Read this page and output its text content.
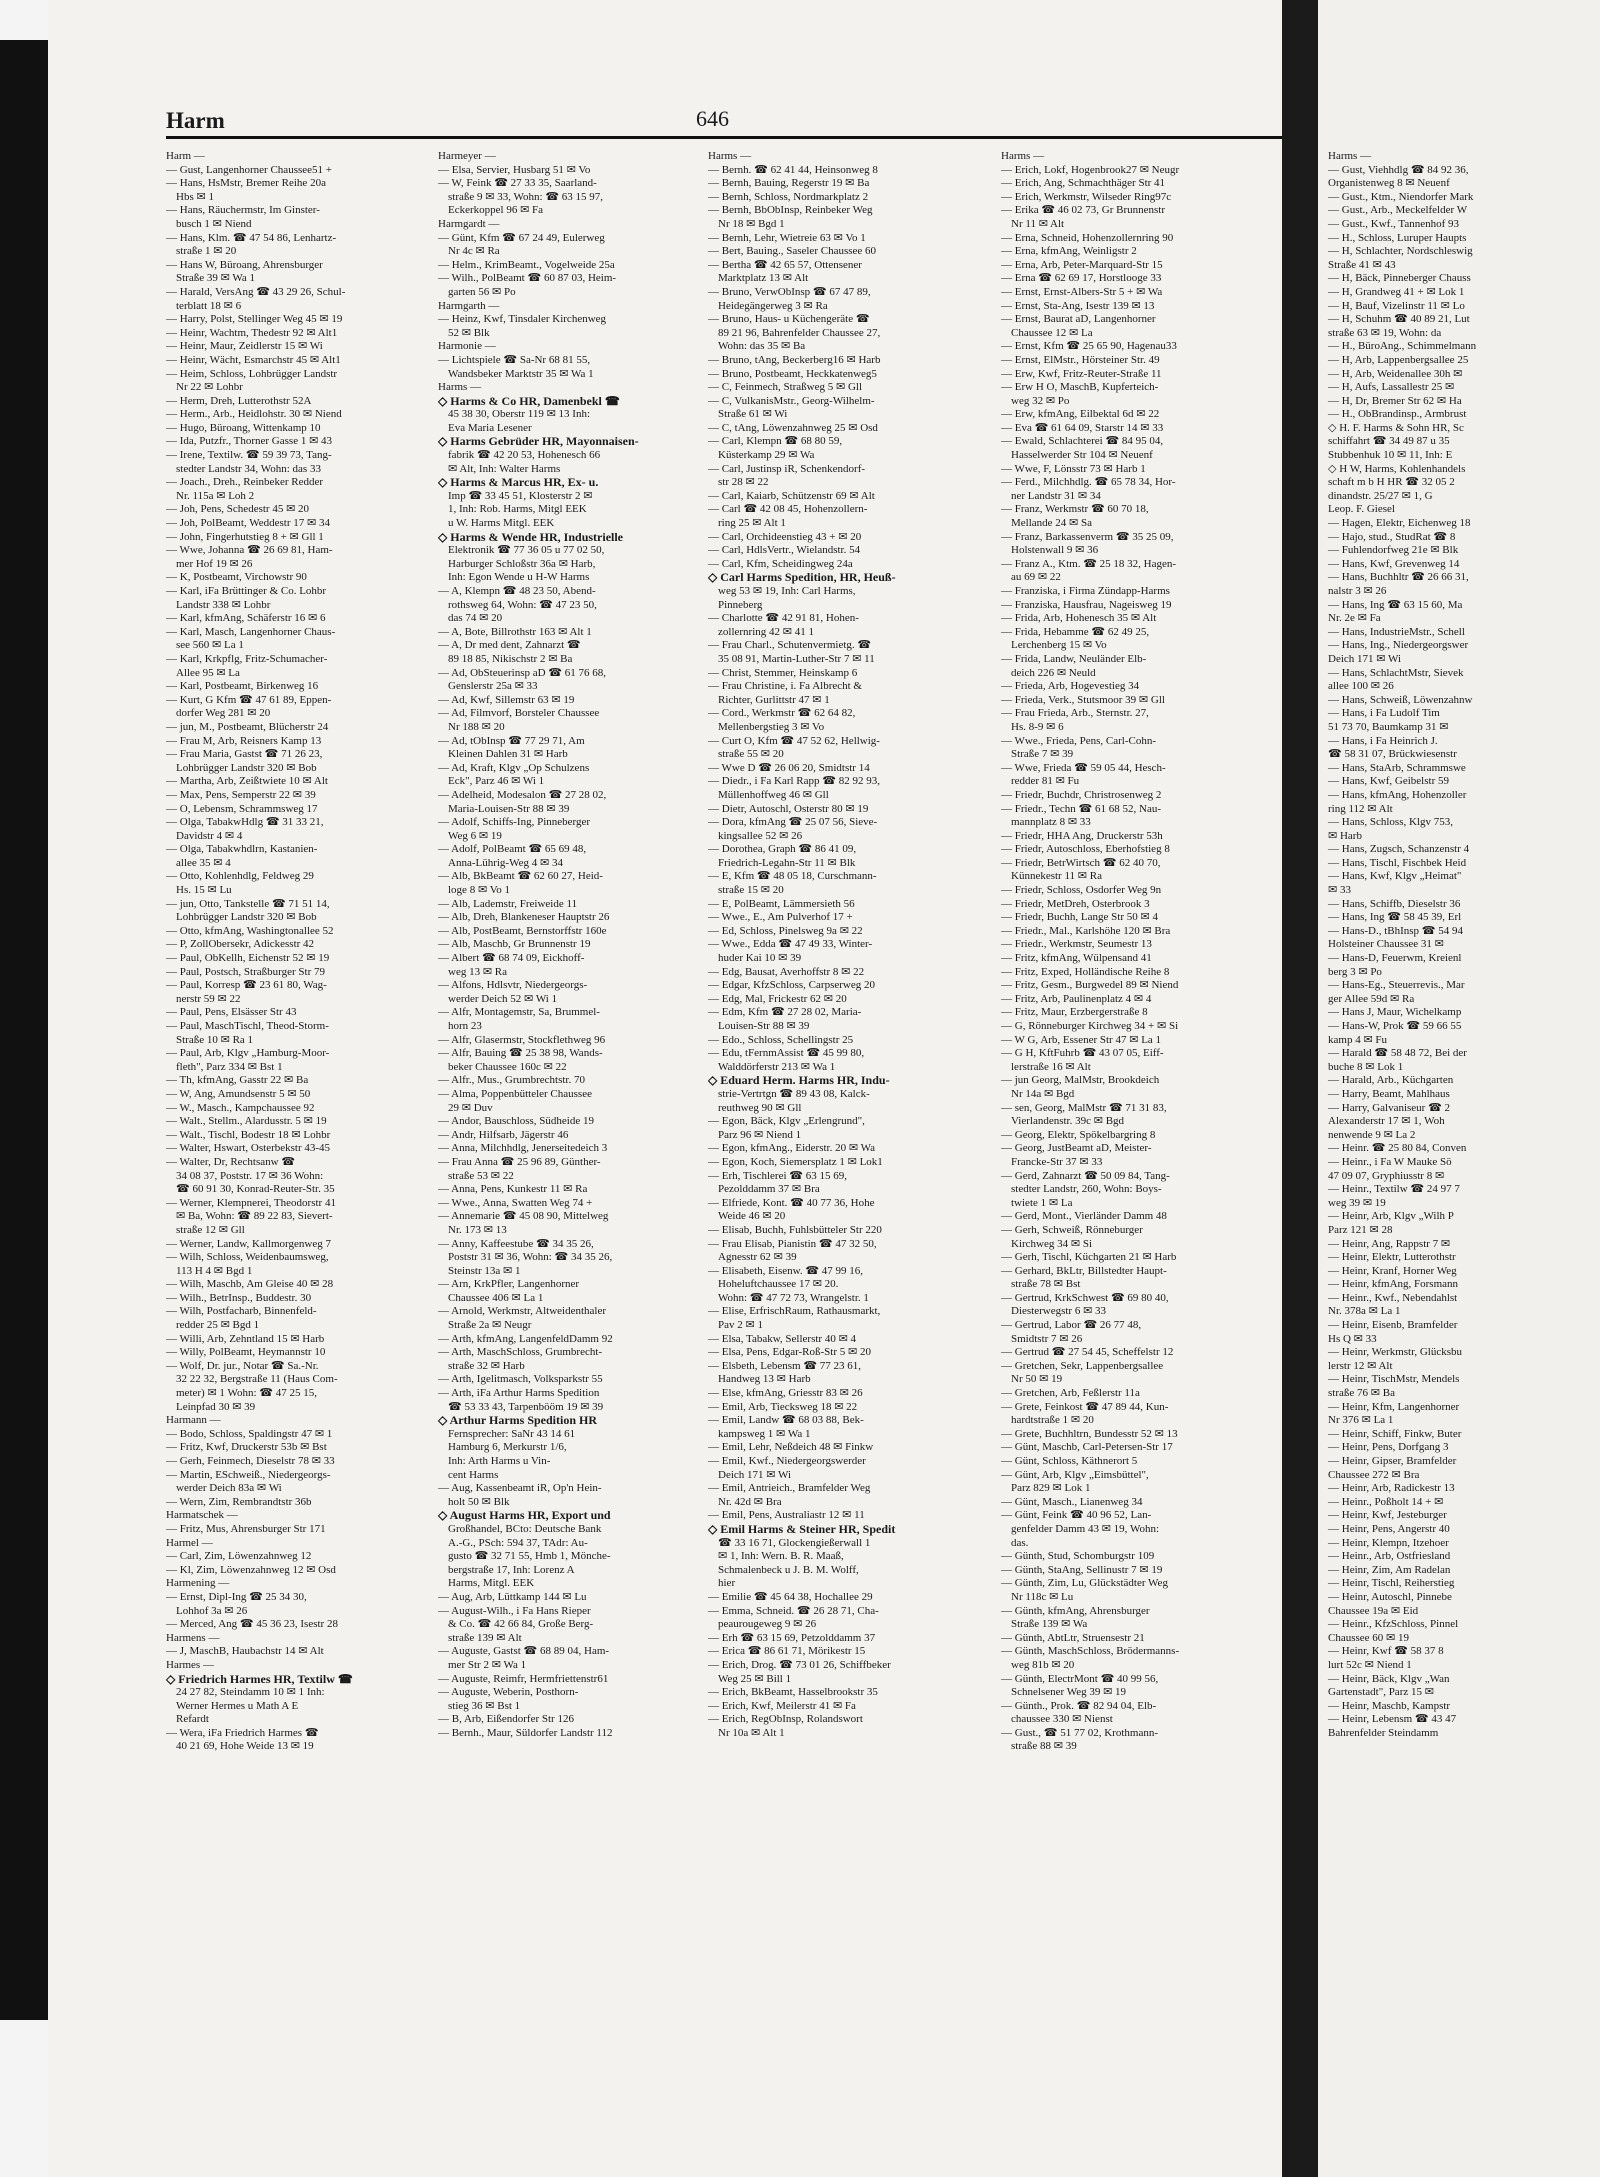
Harm	646
Harm —
— Gust, Langenhorner Chaussee51 +
— Hans, HsMstr, Bremer Reihe 20a
Hbs ✉ 1
— Hans, Räuchermstr, Im Ginster-
busch 1 ✉ Niend
— Hans, Klm. ☎ 47 54 86, Lenhartz-
straße 1 ✉ 20
— Hans W, Büroang, Ahrensburger
Straße 39 ✉ Wa 1
— Harald, VersAng ☎ 43 29 26, Schul-
terblatt 18 ✉ 6
— Harry, Polst, Stellinger Weg 45 ✉ 19
— Heinr, Wachtm, Thedestr 92 ✉ Alt1
— Heinr, Maur, Zeidlerstr 15 ✉ Wi
— Heinr, Wächt, Esmarchstr 45 ✉ Alt1
— Heim, Schloss, Lohbrügger Landstr
Nr 22 ✉ Lohbr
— Herm, Dreh, Lutterothstr 52A
— Herm., Arb., Heidlohstr. 30 ✉ Niend
— Hugo, Büroang, Wittenkamp 10
— Ida, Putzfr., Thorner Gasse 1 ✉ 43
— Irene, Textilw. ☎ 59 39 73, Tang-
stedter Landstr 34, Wohn: das 33
— Joach., Dreh., Reinbeker Redder
Nr. 115a ✉ Loh 2
— Joh, Pens, Schedestr 45 ✉ 20
— Joh, PolBeamt, Weddestr 17 ✉ 34
— John, Fingerhutstieg 8 + ✉ Gll 1
— Wwe, Johanna ☎ 26 69 81, Ham-
mer Hof 19 ✉ 26
— K, Postbeamt, Virchowstr 90
— Karl, iFa Brüttinger & Co. Lohbr
Landstr 338 ✉ Lohbr
— Karl, kfmAng, Schäferstr 16 ✉ 6
— Karl, Masch, Langenhorner Chaus-
see 560 ✉ La 1
— Karl, Krkpflg, Fritz-Schumacher-
Allee 95 ✉ La
— Karl, Postbeamt, Birkenweg 16
— Kurt, G Kfm ☎ 47 61 89, Eppen-
dorfer Weg 281 ✉ 20
— jun, M., Postbeamt, Blücherstr 24
— Frau M, Arb, Reisners Kamp 13
— Frau Maria, Gastst ☎ 71 26 23,
Lohbrügger Landstr 320 ✉ Bob
— Martha, Arb, Zeißtwiete 10 ✉ Alt
— Max, Pens, Semperstr 22 ✉ 39
— O, Lebensm, Schrammsweg 17
— Olga, TabakwHdlg ☎ 31 33 21,
Davidstr 4 ✉ 4
— Olga, Tabakwhdlrn, Kastanien-
allee 35 ✉ 4
— Otto, Kohlenhdlg, Feldweg 29
Hs. 15 ✉ Lu
— jun, Otto, Tankstelle ☎ 71 51 14,
Lohbrügger Landstr 320 ✉ Bob
— Otto, kfmAng, Washingtonallee 52
— P, ZollObersekr, Adickesstr 42
— Paul, ObKellh, Eichenstr 52 ✉ 19
— Paul, Postsch, Straßburger Str 79
— Paul, Korresp ☎ 23 61 80, Wag-
nerstr 59 ✉ 22
— Paul, Pens, Elsässer Str 43
— Paul, MaschTischl, Theod-Storm-
Straße 10 ✉ Ra 1
— Paul, Arb, Klgv „Hamburg-Moor-
fleth", Parz 334 ✉ Bst 1
— Th, kfmAng, Gasstr 22 ✉ Ba
— W, Ang, Amundsenstr 5 ✉ 50
— W., Masch., Kampchaussee 92
— Walt., Stellm., Alardusstr. 5 ✉ 19
— Walt., Tischl, Bodestr 18 ✉ Lohbr
— Walter, Hswart, Osterbekstr 43-45
— Walter, Dr, Rechtsanw ☎
34 08 37, Poststr. 17 ✉ 36 Wohn:
☎ 60 91 30, Konrad-Reuter-Str. 35
— Werner, Klempnerei, Theodorstr 41
✉ Ba, Wohn: ☎ 89 22 83, Sievert-
straße 12 ✉ Gll
— Werner, Landw, Kallmorgenweg 7
— Wilh, Schloss, Weidenbaumsweg,
113 H 4 ✉ Bgd 1
— Wilh, Maschb, Am Gleise 40 ✉ 28
— Wilh., BetrInsp., Buddestr. 30
— Wilh, Postfacharb, Binnenfeld-
redder 25 ✉ Bgd 1
— Willi, Arb, Zehntland 15 ✉ Harb
— Willy, PolBeamt, Heymannstr 10
— Wolf, Dr. jur., Notar ☎ Sa.-Nr.
32 22 32, Bergstraße 11 (Haus Com-
meter) ✉ 1 Wohn: ☎ 47 25 15,
Leinpfad 30 ✉ 39
Harmann —
— Bodo, Schloss, Spaldingstr 47 ✉ 1
— Fritz, Kwf, Druckerstr 53b ✉ Bst
— Gerh, Feinmech, Dieselstr 78 ✉ 33
— Martin, ESchweiß., Niedergeorgs-
werder Deich 83a ✉ Wi
— Wern, Zim, Rembrandtstr 36b
Harmatschek —
— Fritz, Mus, Ahrensburger Str 171
Harmel —
— Carl, Zim, Löwenzahnweg 12
— Kl, Zim, Löwenzahnweg 12 ✉ Osd
Harmening —
— Ernst, Dipl-Ing ☎ 25 34 30,
Lohhof 3a ✉ 26
— Merced, Ang ☎ 45 36 23, Isestr 28
Harmens —
— J, MaschB, Haubachstr 14 ✉ Alt
Harmes —
◇ Friedrich Harmes HR, Textilw ☎
24 27 82, Steindamm 10 ✉ 1 Inh:
Werner Hermes u Math A E
Refardt
— Wera, iFa Friedrich Harmes ☎
40 21 69, Hohe Weide 13 ✉ 19
Harmeyer —
— Elsa, Servier, Husbarg 51 ✉ Vo
— W, Feink ☎ 27 33 35, Saarland-
straße 9 ✉ 33, Wohn: ☎ 63 15 97,
Eckerkoppel 96 ✉ Fa
Harmgardt —
— Günt, Kfm ☎ 67 24 49, Eulerweg
Nr 4c ✉ Ra
— Helm., KrimBeamt., Vogelweide 25a
— Wilh., PolBeamt ☎ 60 87 03, Heim-
garten 56 ✉ Po
Harmgarth —
— Heinz, Kwf, Tinsdaler Kirchenweg
52 ✉ Blk
Harmonie —
— Lichtspiele ☎ Sa-Nr 68 81 55,
Wandsbeker Marktstr 35 ✉ Wa 1
Harms —
◇ Harms & Co HR, Damenbekl ☎
45 38 30, Oberstr 119 ✉ 13 Inh:
Eva Maria Lesener
◇ Harms Gebrüder HR, Mayonnaisen-
fabrik ☎ 42 20 53, Hohenesch 66
✉ Alt, Inh: Walter Harms
◇ Harms & Marcus HR, Ex- u.
Imp ☎ 33 45 51, Klosterstr 2 ✉
1, Inh: Rob. Harms, Mitgl EEK
u W. Harms Mitgl. EEK
◇ Harms & Wende HR, Industrielle
Elektronik ☎ 77 36 05 u 77 02 50,
Harburger Schloßstr 36a ✉ Harb,
Inh: Egon Wende u H-W Harms
— A, Klempn ☎ 48 23 50, Abend-
rothsweg 64, Wohn: ☎ 47 23 50,
das 74 ✉ 20
— A, Bote, Billrothstr 163 ✉ Alt 1
— A, Dr med dent, Zahnarzt ☎
89 18 85, Nikischstr 2 ✉ Ba
— Ad, ObSteuerinsp aD ☎ 61 76 68,
Genslerstr 25a ✉ 33
— Ad, Kwf, Sillemstr 63 ✉ 19
— Ad, Filmvorf, Borsteler Chaussee
Nr 188 ✉ 20
— Ad, tObInsp ☎ 77 29 71, Am
Kleinen Dahlen 31 ✉ Harb
— Ad, Kraft, Klgv „Op Schulzens
Eck", Parz 46 ✉ Wi 1
— Adelheid, Modesalon ☎ 27 28 02,
Maria-Louisen-Str 88 ✉ 39
— Adolf, Schiffs-Ing, Pinneberger
Weg 6 ✉ 19
— Adolf, PolBeamt ☎ 65 69 48,
Anna-Lührig-Weg 4 ✉ 34
— Alb, BkBeamt ☎ 62 60 27, Heid-
loge 8 ✉ Vo 1
— Alb, Lademstr, Freiweide 11
— Alb, Dreh, Blankeneser Hauptstr 26
— Alb, PostBeamt, Bernstorffstr 160e
— Alb, Maschb, Gr Brunnenstr 19
— Albert ☎ 68 74 09, Eickhoff-
weg 13 ✉ Ra
— Alfons, Hdlsvtr, Niedergeorgs-
werder Deich 52 ✉ Wi 1
— Alfr, Montagemstr, Sa, Brummel-
horn 23
— Alfr, Glasermstr, Stockflethweg 96
— Alfr, Bauing ☎ 25 38 98, Wands-
beker Chaussee 160c ✉ 22
— Alfr., Mus., Grumbrechtstr. 70
— Alma, Poppenbütteler Chaussee
29 ✉ Duv
— Andor, Bauschloss, Südheide 19
— Andr, Hilfsarb, Jägerstr 46
— Anna, Milchhdlg, Jenerseitedeich 3
— Frau Anna ☎ 25 96 89, Günther-
straße 53 ✉ 22
— Anna, Pens, Kunkestr 11 ✉ Ra
— Wwe., Anna, Swatten Weg 74 +
— Annemarie ☎ 45 08 90, Mittelweg
Nr. 173 ✉ 13
— Anny, Kaffeestube ☎ 34 35 26,
Poststr 31 ✉ 36, Wohn: ☎ 34 35 26,
Steinstr 13a ✉ 1
— Arn, KrkPflег, Langenhorner
Chaussee 406 ✉ La 1
— Arnold, Werkmstr, Altweidenthaler
Straße 2a ✉ Neugr
— Arth, kfmAng, LangenfeldDamm 92
— Arth, MaschSchloss, Grumbrecht-
straße 32 ✉ Harb
— Arth, Igelitmasch, Volksparkstr 55
— Arth, iFa Arthur Harms Spedition
☎ 53 33 43, Tarpenbööm 19 ✉ 39
◇ Arthur Harms Spedition HR
Fernsprecher: SaNr 43 14 61
Hamburg 6, Merkurstr 1/6,
Inh: Arth Harms u Vin-
cent Harms
— Aug, Kassenbeamt iR, Op'n Hein-
holt 50 ✉ Blk
◇ August Harms HR, Export und
Großhandel, BCto: Deutsche Bank
A.-G., PSch: 594 37, TAdr: Au-
gusto ☎ 32 71 55, Hmb 1, Mönche-
bergstraße 17, Inh: Lorenz A
Harms, Mitgl. EEK
— Aug, Arb, Lüttkamp 144 ✉ Lu
— August-Wilh., i Fa Hans Rieper
& Co. ☎ 42 66 84, Große Berg-
straße 139 ✉ Alt
— Auguste, Gastst ☎ 68 89 04, Ham-
mer Str 2 ✉ Wa 1
— Auguste, Reimfr, Hermfriettenstr61
— Auguste, Weberin, Posthorn-
stieg 36 ✉ Bst 1
— B, Arb, Eißendorfer Str 126
— Bernh., Maur, Süldorfer Landstr 112
Harms —
— Bernh. ☎ 62 41 44, Heinsonweg 8
— Bernh, Bauing, Regerstr 19 ✉ Ba
— Bernh, Schloss, Nordmarkplatz 2
— Bernh, BbObInsp, Reinbeker Weg
Nr 18 ✉ Bgd 1
— Bernh, Lehr, Wietreie 63 ✉ Vo 1
— Bert, Bauing., Saseler Chaussee 60
— Bertha ☎ 42 65 57, Ottensener
Marktplatz 13 ✉ Alt
— Bruno, VerwObInsp ☎ 67 47 89,
Heidegängerweg 3 ✉ Ra
— Bruno, Haus- u Küchengeräte ☎
89 21 96, Bahrenfelder Chaussee 27,
Wohn: das 35 ✉ Ba
— Bruno, tAng, Beckerberg16 ✉ Harb
— Bruno, Postbeamt, Heckkatenweg5
— C, Feinmech, Straßweg 5 ✉ Gll
— C, VulkanisMstr., Georg-Wilhelm-
Straße 61 ✉ Wi
— C, tAng, Löwenzahnweg 25 ✉ Osd
— Carl, Klempn ☎ 68 80 59,
Küsterkamp 29 ✉ Wa
— Carl, Justinsp iR, Schenkendorf-
str 28 ✉ 22
— Carl, Kaiarb, Schützenstr 69 ✉ Alt
— Carl ☎ 42 08 45, Hohenzollern-
ring 25 ✉ Alt 1
— Carl, Orchideenstieg 43 + ✉ 20
— Carl, HdlsVertr., Wielandstr. 54
— Carl, Kfm, Scheidingweg 24a
◇ Carl Harms Spedition, HR, Heuß-
weg 53 ✉ 19, Inh: Carl Harms,
Pinneberg
— Charlotte ☎ 42 91 81, Hohen-
zollernring 42 ✉ 41 1
— Frau Charl., Schutenvermietg. ☎
35 08 91, Martin-Luther-Str 7 ✉ 11
— Christ, Stemmer, Heinskamp 6
— Frau Christine, i. Fa Albrecht &
Richter, Gurlittstr 47 ✉ 1
— Cord., Werkmstr ☎ 62 64 82,
Mellenbergstieg 3 ✉ Vo
— Curt O, Kfm ☎ 47 52 62, Hellwig-
straße 55 ✉ 20
— Wwe D ☎ 26 06 20, Smidtstr 14
— Diedr., i Fa Karl Rapp ☎ 82 92 93,
Müllenhoffweg 46 ✉ Gll
— Dietr, Autoschl, Osterstr 80 ✉ 19
— Dora, kfmAng ☎ 25 07 56, Sieve-
kingsallee 52 ✉ 26
— Dorothea, Graph ☎ 86 41 09,
Friedrich-Legahn-Str 11 ✉ Blk
— E, Kfm ☎ 48 05 18, Curschmann-
straße 15 ✉ 20
— E, PolBeamt, Lämmersieth 56
— Wwe., E., Am Pulverhof 17 +
— Ed, Schloss, Pinelsweg 9a ✉ 22
— Wwe., Edda ☎ 47 49 33, Winter-
huder Kai 10 ✉ 39
— Edg, Bausat, Averhoffstr 8 ✉ 22
— Edgar, KfzSchloss, Carpserweg 20
— Edg, Mal, Frickestr 62 ✉ 20
— Edm, Kfm ☎ 27 28 02, Maria-
Louisen-Str 88 ✉ 39
— Edo., Schloss, Schellingstr 25
— Edu, tFernmAssist ☎ 45 99 80,
Walddörferstr 213 ✉ Wa 1
◇ Eduard Herm. Harms HR, Indu-
strie-Vertrtgn ☎ 89 43 08, Kalck-
reuthweg 90 ✉ Gll
— Egon, Bäck, Klgv „Erlengrund",
Parz 96 ✉ Niend 1
— Egon, kfmAng., Eiderstr. 20 ✉ Wa
— Egon, Koch, Siemersplatz 1 ✉ Lok1
— Erh, Tischlerei ☎ 63 15 69,
Pezolddamm 37 ✉ Bra
— Elfriede, Kont. ☎ 40 77 36, Hohe
Weide 46 ✉ 20
— Elisab, Buchh, Fuhlsbütteler Str 220
— Frau Elisab, Pianistin ☎ 47 32 50,
Agnesstr 62 ✉ 39
— Elisabeth, Eisenw. ☎ 47 99 16,
Hoheluftchaussee 17 ✉ 20.
Wohn: ☎ 47 72 73, Wrangelstr. 1
— Elise, ErfrischRaum, Rathausmarkt,
Pav 2 ✉ 1
— Elsa, Tabakw, Sellerstr 40 ✉ 4
— Elsa, Pens, Edgar-Roß-Str 5 ✉ 20
— Elsbeth, Lebensm ☎ 77 23 61,
Handweg 13 ✉ Harb
— Else, kfmAng, Griesstr 83 ✉ 26
— Emil, Arb, Tiecksweg 18 ✉ 22
— Emil, Landw ☎ 68 03 88, Bek-
kampsweg 1 ✉ Wa 1
— Emil, Lehr, Neßdeich 48 ✉ Finkw
— Emil, Kwf., Niedergeorgswerder
Deich 171 ✉ Wi
— Emil, Antrieich., Bramfelder Weg
Nr. 42d ✉ Bra
— Emil, Pens, Australiastr 12 ✉ 11
◇ Emil Harms & Steiner HR, Spedit
☎ 33 16 71, Glockengießerwall 1
✉ 1, Inh: Wern. B. R. Maaß,
Schmalenbeck u J. B. M. Wolff,
hier
— Emilie ☎ 45 64 38, Hochallee 29
— Emma, Schneid. ☎ 26 28 71, Cha-
peaurougeweg 9 ✉ 26
— Erh ☎ 63 15 69, Petzolddamm 37
— Erica ☎ 86 61 71, Mörikestr 15
— Erich, Drog. ☎ 73 01 26, Schiffbeker
Weg 25 ✉ Bill 1
— Erich, BkBeamt, Hasselbrookstr 35
— Erich, Kwf, Meilerstr 41 ✉ Fa
— Erich, RegObInsp, Rolandswort
Nr 10a ✉ Alt 1
Harms —
— Erich, Lokf, Hogenbrook27 ✉ Neugr
— Erich, Ang, Schmachthäger Str 41
— Erich, Werkmstr, Wilseder Ring97c
— Erika ☎ 46 02 73, Gr Brunnenstr
Nr 11 ✉ Alt
— Erna, Schneid, Hohenzollernring 90
— Erna, kfmAng, Weinligstr 2
— Erna, Arb, Peter-Marquard-Str 15
— Erna ☎ 62 69 17, Horstlooge 33
— Ernst, Ernst-Albers-Str 5 + ✉ Wa
— Ernst, Sta-Ang, Isestr 139 ✉ 13
— Ernst, Baurat aD, Langenhorner
Chaussee 12 ✉ La
— Ernst, Kfm ☎ 25 65 90, Hagenau33
— Ernst, ElMstr., Hörsteiner Str. 49
— Erw, Kwf, Fritz-Reuter-Straße 11
— Erw H O, MaschB, Kupferteich-
weg 32 ✉ Po
— Erw, kfmAng, Eilbektal 6d ✉ 22
— Eva ☎ 61 64 09, Starstr 14 ✉ 33
— Ewald, Schlachterei ☎ 84 95 04,
Hasselwerder Str 104 ✉ Neuenf
— Wwe, F, Lönsstr 73 ✉ Harb 1
— Ferd., Milchhdlg. ☎ 65 78 34, Hor-
ner Landstr 31 ✉ 34
— Franz, Werkmstr ☎ 60 70 18,
Mellande 24 ✉ Sa
— Franz, Barkassenverm ☎ 35 25 09,
Holstenwall 9 ✉ 36
— Franz A., Ktm. ☎ 25 18 32, Hagen-
au 69 ✉ 22
— Franziska, i Firma Zündapp-Harms
— Franziska, Hausfrau, Nageisweg 19
— Frida, Arb, Hohenesch 35 ✉ Alt
— Frida, Hebamme ☎ 62 49 25,
Lerchenberg 15 ✉ Vo
— Frida, Landw, Neuländer Elb-
deich 226 ✉ Neuld
— Frieda, Arb, Hogevestieg 34
— Frieda, Verk., Stutsmoor 39 ✉ Gll
— Frau Frieda, Arb., Sternstr. 27,
Hs. 8-9 ✉ 6
— Wwe., Frieda, Pens, Carl-Cohn-
Straße 7 ✉ 39
— Wwe, Frieda ☎ 59 05 44, Hesch-
redder 81 ✉ Fu
— Friedr, Buchdr, Christrosenweg 2
— Friedr., Techn ☎ 61 68 52, Nau-
mannplatz 8 ✉ 33
— Friedr, HHA Ang, Druckerstr 53h
— Friedr, Autoschloss, Eberhofstieg 8
— Friedr, BetrWirtsch ☎ 62 40 70,
Künnekestr 11 ✉ Ra
— Friedr, Schloss, Osdorfer Weg 9n
— Friedr, MetDreh, Osterbrook 3
— Friedr, Buchh, Lange Str 50 ✉ 4
— Friedr., Mal., Karlshöhe 120 ✉ Bra
— Friedr., Werkmstr, Seumestr 13
— Fritz, kfmAng, Wülpensand 41
— Fritz, Exped, Holländische Reihe 8
— Fritz, Gesm., Burgwedel 89 ✉ Niend
— Fritz, Arb, Paulinenplatz 4 ✉ 4
— Fritz, Maur, Erzbergerstraße 8
— G, Rönneburger Kirchweg 34 + ✉ Si
— W G, Arb, Essener Str 47 ✉ La 1
— G H, KftFuhrb ☎ 43 07 05, Eiff-
lerstraße 16 ✉ Alt
— jun Georg, MalMstr, Brookdeich
Nr 14a ✉ Bgd
— sen, Georg, MalMstr ☎ 71 31 83,
Vierlandenstr. 39c ✉ Bgd
— Georg, Elektr, Spökelbargring 8
— Georg, JustBeamt aD, Meister-
Francke-Str 37 ✉ 33
— Gerd, Zahnarzt ☎ 50 09 84, Tang-
stedter Landstr, 260, Wohn: Boys-
twiete 1 ✉ La
— Gerd, Mont., Vierländer Damm 48
— Gerh, Schweiß, Rönneburger
Kirchweg 34 ✉ Si
— Gerh, Tischl, Küchgarten 21 ✉ Harb
— Gerhard, BkLtr, Billstedter Haupt-
straße 78 ✉ Bst
— Gertrud, KrkSchwest ☎ 69 80 40,
Diesterwegstr 6 ✉ 33
— Gertrud, Labor ☎ 26 77 48,
Smidtstr 7 ✉ 26
— Gertrud ☎ 27 54 45, Scheffelstr 12
— Gretchen, Sekr, Lappenbergsallee
Nr 50 ✉ 19
— Gretchen, Arb, Feßlerstr 11a
— Grete, Feinkost ☎ 47 89 44, Kun-
hardtstraße 1 ✉ 20
— Grete, Buchhltrn, Bundesstr 52 ✉ 13
— Günt, Maschb, Carl-Petersen-Str 17
— Günt, Schloss, Käthnerort 5
— Günt, Arb, Klgv „Eimsbüttel",
Parz 829 ✉ Lok 1
— Günt, Masch., Lianenweg 34
— Günt, Feink ☎ 40 96 52, Lan-
genfelder Damm 43 ✉ 19, Wohn:
das.
— Günth, Stud, Schomburgstr 109
— Günth, StaAng, Sellinustr 7 ✉ 19
— Günth, Zim, Lu, Glückstädter Weg
Nr 118c ✉ Lu
— Günth, kfmAng, Ahrensburger
Straße 139 ✉ Wa
— Günth, AbtLtr, Struensestr 21
— Günth, MaschSchloss, Brödermanns-
weg 81b ✉ 20
— Günth, ElectrMont ☎ 40 99 56,
Schnelsener Weg 39 ✉ 19
— Günth., Prok. ☎ 82 94 04, Elb-
chaussee 330 ✉ Nienst
— Gust., ☎ 51 77 02, Krothmann-
straße 88 ✉ 39
Harms —
— Gust, Viehhdlg ☎ 84 92 36,
Organistenweg 8 ✉ Neuenf
— Gust., Ktm., Niendorfer Mark
— Gust., Arb., Meckelfelder W
— Gust., Kwf., Tannenhof 93
— H., Schloss, Luruper Haupts
— H, Schlachter, Nordschleswig
Straße 41 ✉ 43
— H, Bäck, Pinneberger Chauss
— H, Grandweg 41 + ✉ Lok 1
— H, Bauf, Vizelinstr 11 ✉ Lo
— H, Schuhm ☎ 40 89 21, Lut
straße 63 ✉ 19, Wohn: da
— H., BüroAng., Schimmelmann
— H, Arb, Lappenbergsallee 25
— H, Arb, Weidenallee 30h ✉
— H, Aufs, Lassallestr 25 ✉
— H, Dr, Bremer Str 62 ✉ Ha
— H., ObBrandinsp., Armbrust
◇ H. F. Harms & Sohn HR, Sc
schiffahrt ☎ 34 49 87 u 35
Stubbenhuk 10 ✉ 11, Inh: E
◇ H W, Harms, Kohlenhandels
schaft m b H HR ☎ 32 05 2
dinandstr. 25/27 ✉ 1, G
Leop. F. Giesel
— Hagen, Elektr, Eichenweg 18
— Hajo, stud., StudRat ☎ 8
— Fuhlendorfweg 21e ✉ Blk
— Hans, Kwf, Grevenweg 14
— Hans, Buchhltr ☎ 26 66 31,
nalstr 3 ✉ 26
— Hans, Ing ☎ 63 15 60, Ma
Nr. 2e ✉ Fa
— Hans, IndustrieMstr., Schell
— Hans, Ing., Niedergeorgswer
Deich 171 ✉ Wi
— Hans, SchlachtMstr, Sievek
allee 100 ✉ 26
— Hans, Schweiß, Löwenzahnw
— Hans, i Fa Ludolf Tim
51 73 70, Baumkamp 31 ✉
— Hans, i Fa Heinrich J.
☎ 58 31 07, Brückwiesenstr
— Hans, StaArb, Schrammswe
— Hans, Kwf, Geibelstr 59
— Hans, kfmAng, Hohenzoller
ring 112 ✉ Alt
— Hans, Schloss, Klgv 753,
✉ Harb
— Hans, Zugsch, Schanzenstr 4
— Hans, Tischl, Fischbek Heid
— Hans, Kwf, Klgv „Heimat"
✉ 33
— Hans, Schiffb, Dieselstr 36
— Hans, Ing ☎ 58 45 39, Erl
— Hans-D., tBhInsp ☎ 54 94
Holsteiner Chaussee 31 ✉
— Hans-D, Feuerwm, Kreienl
berg 3 ✉ Po
— Hans-Eg., Steuerrevis., Mar
ger Allee 59d ✉ Ra
— Hans J, Maur, Wichelkamp
— Hans-W, Prok ☎ 59 66 55
kamp 4 ✉ Fu
— Harald ☎ 58 48 72, Bei der
buche 8 ✉ Lok 1
— Harald, Arb., Küchgarten
— Harry, Beamt, Mahlhaus
— Harry, Galvaniseur ☎ 2
Alexanderstr 17 ✉ 1, Woh
nenwende 9 ✉ La 2
— Heinr. ☎ 25 80 84, Conven
— Heinr., i Fa W Mauke Sö
47 09 07, Gryphiusstr 8 ✉
— Heinr., Textilw ☎ 24 97 7
weg 39 ✉ 19
— Heinr, Arb, Klgv „Wilh P
Parz 121 ✉ 28
— Heinr, Ang, Rappstr 7 ✉
— Heinr, Elektr, Lutterothstr
— Heinr, Kranf, Horner Weg
— Heinr, kfmAng, Forsmann
— Heinr., Kwf., Nebendahlst
Nr. 378a ✉ La 1
— Heinr, Eisenb, Bramfelder
Hs Q ✉ 33
— Heinr, Werkmstr, Glücksbu
lerstr 12 ✉ Alt
— Heinr, TischMstr, Mendels
straße 76 ✉ Ba
— Heinr, Kfm, Langenhorner
Nr 376 ✉ La 1
— Heinr, Schiff, Finkw, Buter
— Heinr, Pens, Dorfgang 3
— Heinr, Gipser, Bramfelder
Chaussee 272 ✉ Bra
— Heinr, Arb, Radickestr 13
— Heinr., Poßholt 14 + ✉
— Heinr, Kwf, Jesteburger
— Heinr, Pens, Angerstr 40
— Heinr, Klempn, Itzehoer
— Heinr., Arb, Ostfriesland
— Heinr, Zim, Am Radelan
— Heinr, Tischl, Reiherstieg
— Heinr, Autoschl, Pinnebe
Chaussee 19a ✉ Eid
— Heinr., KfzSchloss, Pinnel
Chaussee 60 ✉ 19
— Heinr, Kwf ☎ 58 37 8
lurt 52c ✉ Niend 1
— Heinr, Bäck, Klgv „Wan
Gartenstadt", Parz 15 ✉
— Heinr, Maschb, Kampstr
— Heinr, Lebensm ☎ 43 47
Bahrenfelder Steindamm
